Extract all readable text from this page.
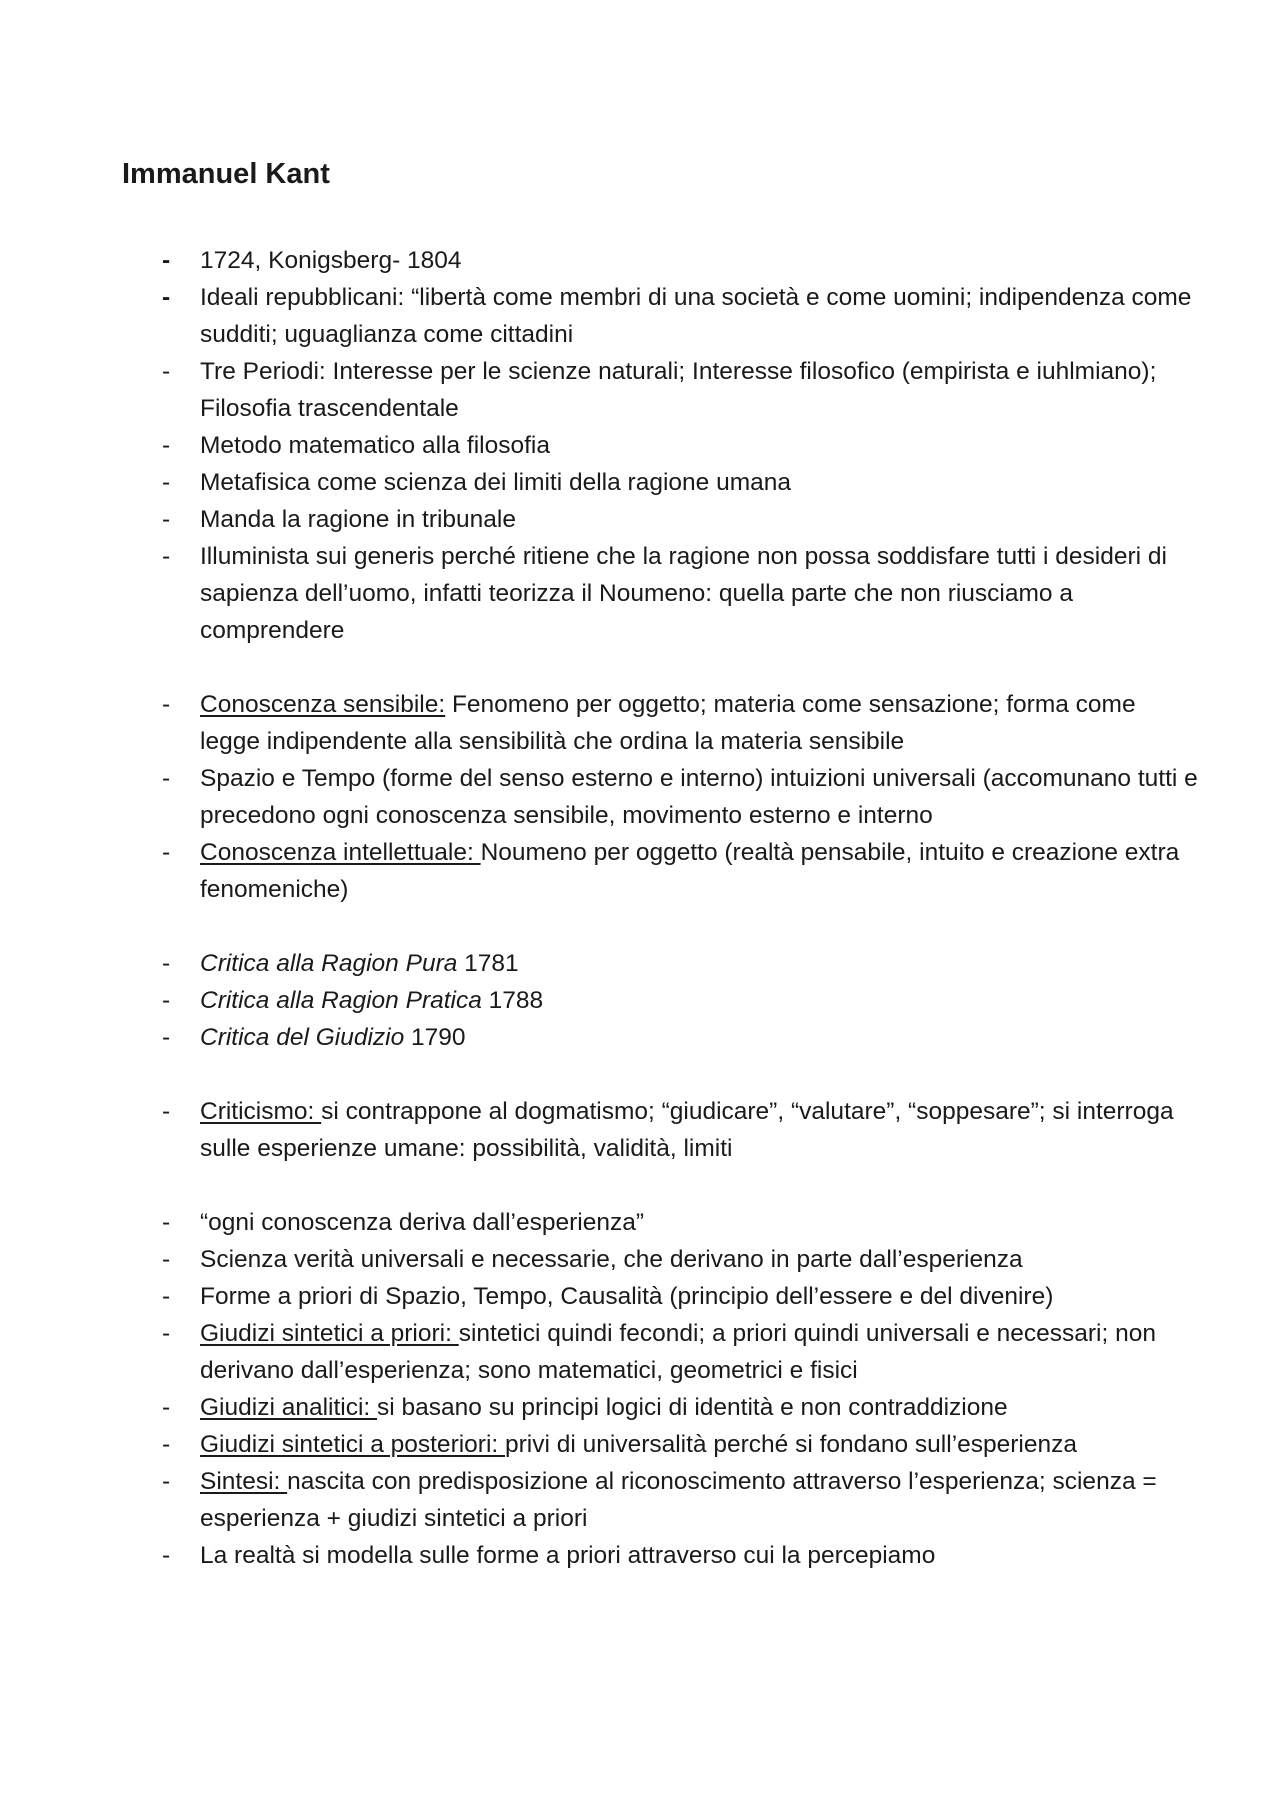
Immanuel Kant
-	1724, Konigsberg- 1804
-	Ideali repubblicani: “libertà come membri di una società e come uomini; indipendenza come sudditi; uguaglianza come cittadini
-	Tre Periodi: Interesse per le scienze naturali; Interesse filosofico (empirista e iuhlmiano); Filosofia trascendentale
-	Metodo matematico alla filosofia
-	Metafisica come scienza dei limiti della ragione umana
-	Manda la ragione in tribunale
-	Illuminista sui generis perché ritiene che la ragione non possa soddisfare tutti i desideri di sapienza dell’uomo, infatti teorizza il Noumeno: quella parte che non riusciamo a comprendere
-	Conoscenza sensibile: Fenomeno per oggetto; materia come sensazione; forma come legge indipendente alla sensibilità che ordina la materia sensibile
-	Spazio e Tempo (forme del senso esterno e interno) intuizioni universali (accomunano tutti e precedono ogni conoscenza sensibile, movimento esterno e interno
-	Conoscenza intellettuale: Noumeno per oggetto (realtà pensabile, intuito e creazione extra fenomeniche)
-	Critica alla Ragion Pura 1781
-	Critica alla Ragion Pratica 1788
-	Critica del Giudizio 1790
-	Criticismo: si contrappone al dogmatismo; “giudicare”, “valutare”, “soppesare”; si interroga sulle esperienze umane: possibilità, validità, limiti
-	“ogni conoscenza deriva dall’esperienza”
-	Scienza verità universali e necessarie, che derivano in parte dall’esperienza
-	Forme a priori di Spazio, Tempo, Causalità (principio dell’essere e del divenire)
-	Giudizi sintetici a priori: sintetici quindi fecondi; a priori quindi universali e necessari; non derivano dall’esperienza; sono matematici, geometrici e fisici
-	Giudizi analitici: si basano su principi logici di identità e non contraddizione
-	Giudizi sintetici a posteriori: privi di universalità perché si fondano sull’esperienza
-	Sintesi: nascita con predisposizione al riconoscimento attraverso l’esperienza; scienza = esperienza + giudizi sintetici a priori
-	La realtà si modella sulle forme a priori attraverso cui la percepiamo
